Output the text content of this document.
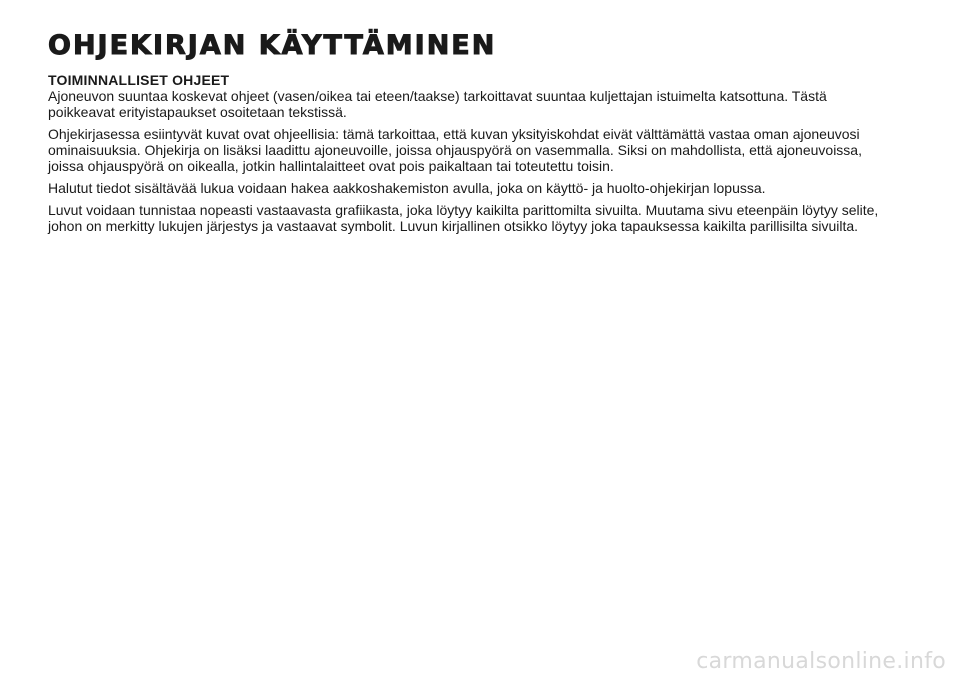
OHJEKIRJAN KÄYTTÄMINEN
TOIMINNALLISET OHJEET

Ajoneuvon suuntaa koskevat ohjeet (vasen/oikea tai eteen/taakse) tarkoittavat suuntaa kuljettajan istuimelta katsottuna. Tästä poikkeavat erityistapaukset osoitetaan tekstissä.

Ohjekirjasessa esiintyvät kuvat ovat ohjeellisia: tämä tarkoittaa, että kuvan yksityiskohdat eivät välttämättä vastaa oman ajoneuvosi ominaisuuksia. Ohjekirja on lisäksi laadittu ajoneuvoille, joissa ohjauspyörä on vasemmalla. Siksi on mahdollista, että ajoneuvoissa, joissa ohjauspyörä on oikealla, jotkin hallintalaitteet ovat pois paikaltaan tai toteutettu toisin.

Halutut tiedot sisältävää lukua voidaan hakea aakkoshakemiston avulla, joka on käyttö- ja huolto-ohjekirjan lopussa.

Luvut voidaan tunnistaa nopeasti vastaavasta grafiikasta, joka löytyy kaikilta parittomilta sivuilta. Muutama sivu eteenpäin löytyy selite, johon on merkitty lukujen järjestys ja vastaavat symbolit. Luvun kirjallinen otsikko löytyy joka tapauksessa kaikilta parillisilta sivuilta.

carmanualsonline.info
